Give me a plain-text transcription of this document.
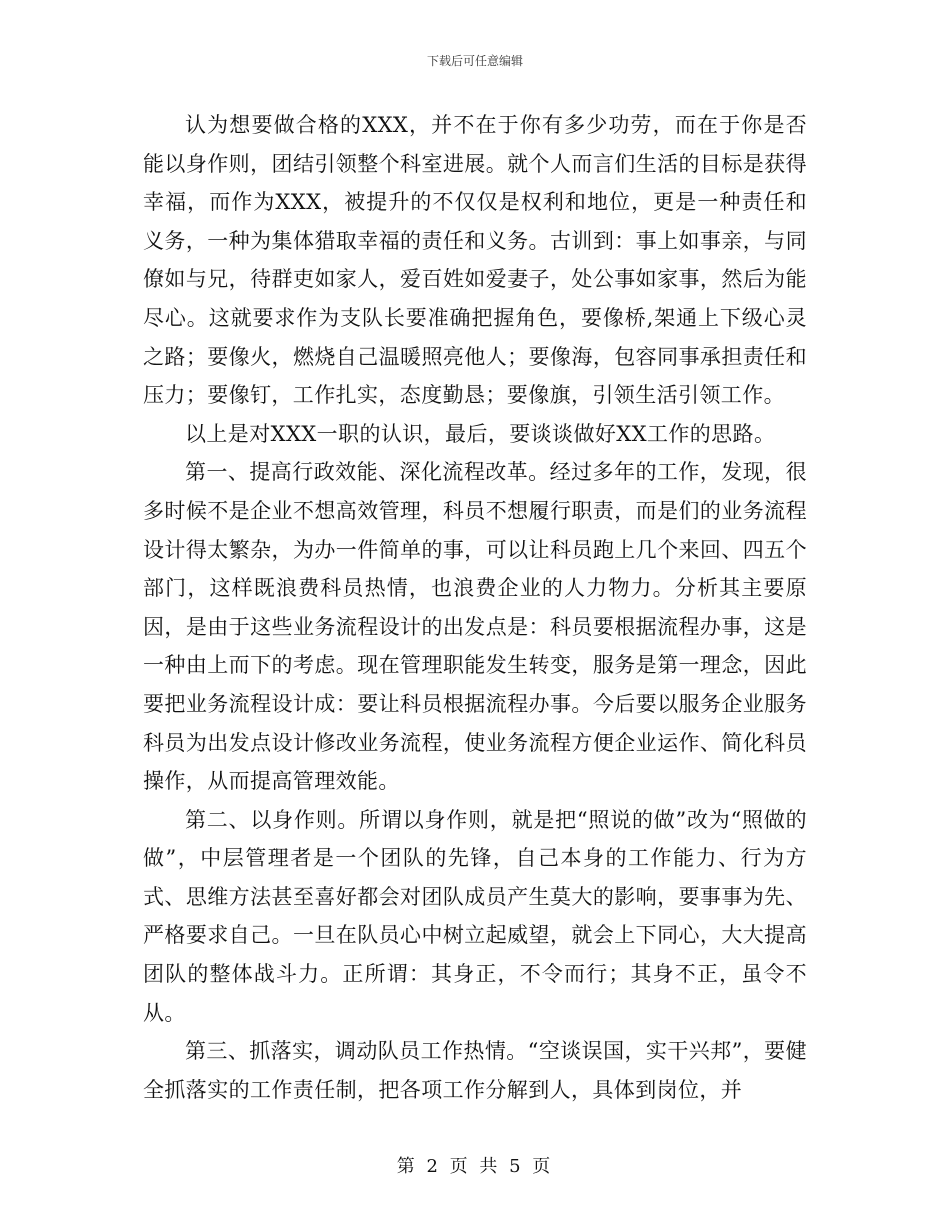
下载后可任意编辑

认为想要做合格的XXX，并不在于你有多少功劳，而在于你是否能以身作则，团结引领整个科室进展。就个人而言们生活的目标是获得幸福，而作为XXX，被提升的不仅仅是权利和地位，更是一种责任和义务，一种为集体猎取幸福的责任和义务。古训到：事上如事亲，与同僚如与兄，待群吏如家人，爱百姓如爱妻子，处公事如家事，然后为能尽心。这就要求作为支队长要准确把握角色，要像桥,架通上下级心灵之路；要像火，燃烧自己温暖照亮他人；要像海，包容同事承担责任和压力；要像钉，工作扎实，态度勤恳；要像旗，引领生活引领工作。

以上是对XXX一职的认识，最后，要谈谈做好XX工作的思路。

第一、提高行政效能、深化流程改革。经过多年的工作，发现，很多时候不是企业不想高效管理，科员不想履行职责，而是们的业务流程设计得太繁杂，为办一件简单的事，可以让科员跑上几个来回、四五个部门，这样既浪费科员热情，也浪费企业的人力物力。分析其主要原因，是由于这些业务流程设计的出发点是：科员要根据流程办事，这是一种由上而下的考虑。现在管理职能发生转变，服务是第一理念，因此要把业务流程设计成：要让科员根据流程办事。今后要以服务企业服务科员为出发点设计修改业务流程，使业务流程方便企业运作、简化科员操作，从而提高管理效能。

第二、以身作则。所谓以身作则，就是把“照说的做”改为“照做的做”，中层管理者是一个团队的先锋，自己本身的工作能力、行为方式、思维方法甚至喜好都会对团队成员产生莫大的影响，要事事为先、严格要求自己。一旦在队员心中树立起威望，就会上下同心，大大提高团队的整体战斗力。正所谓：其身正，不令而行；其身不正，虽令不从。

第三、抓落实，调动队员工作热情。“空谈误国，实干兴邦”，要健全抓落实的工作责任制，把各项工作分解到人，具体到岗位，并

第 2 页 共 5 页
